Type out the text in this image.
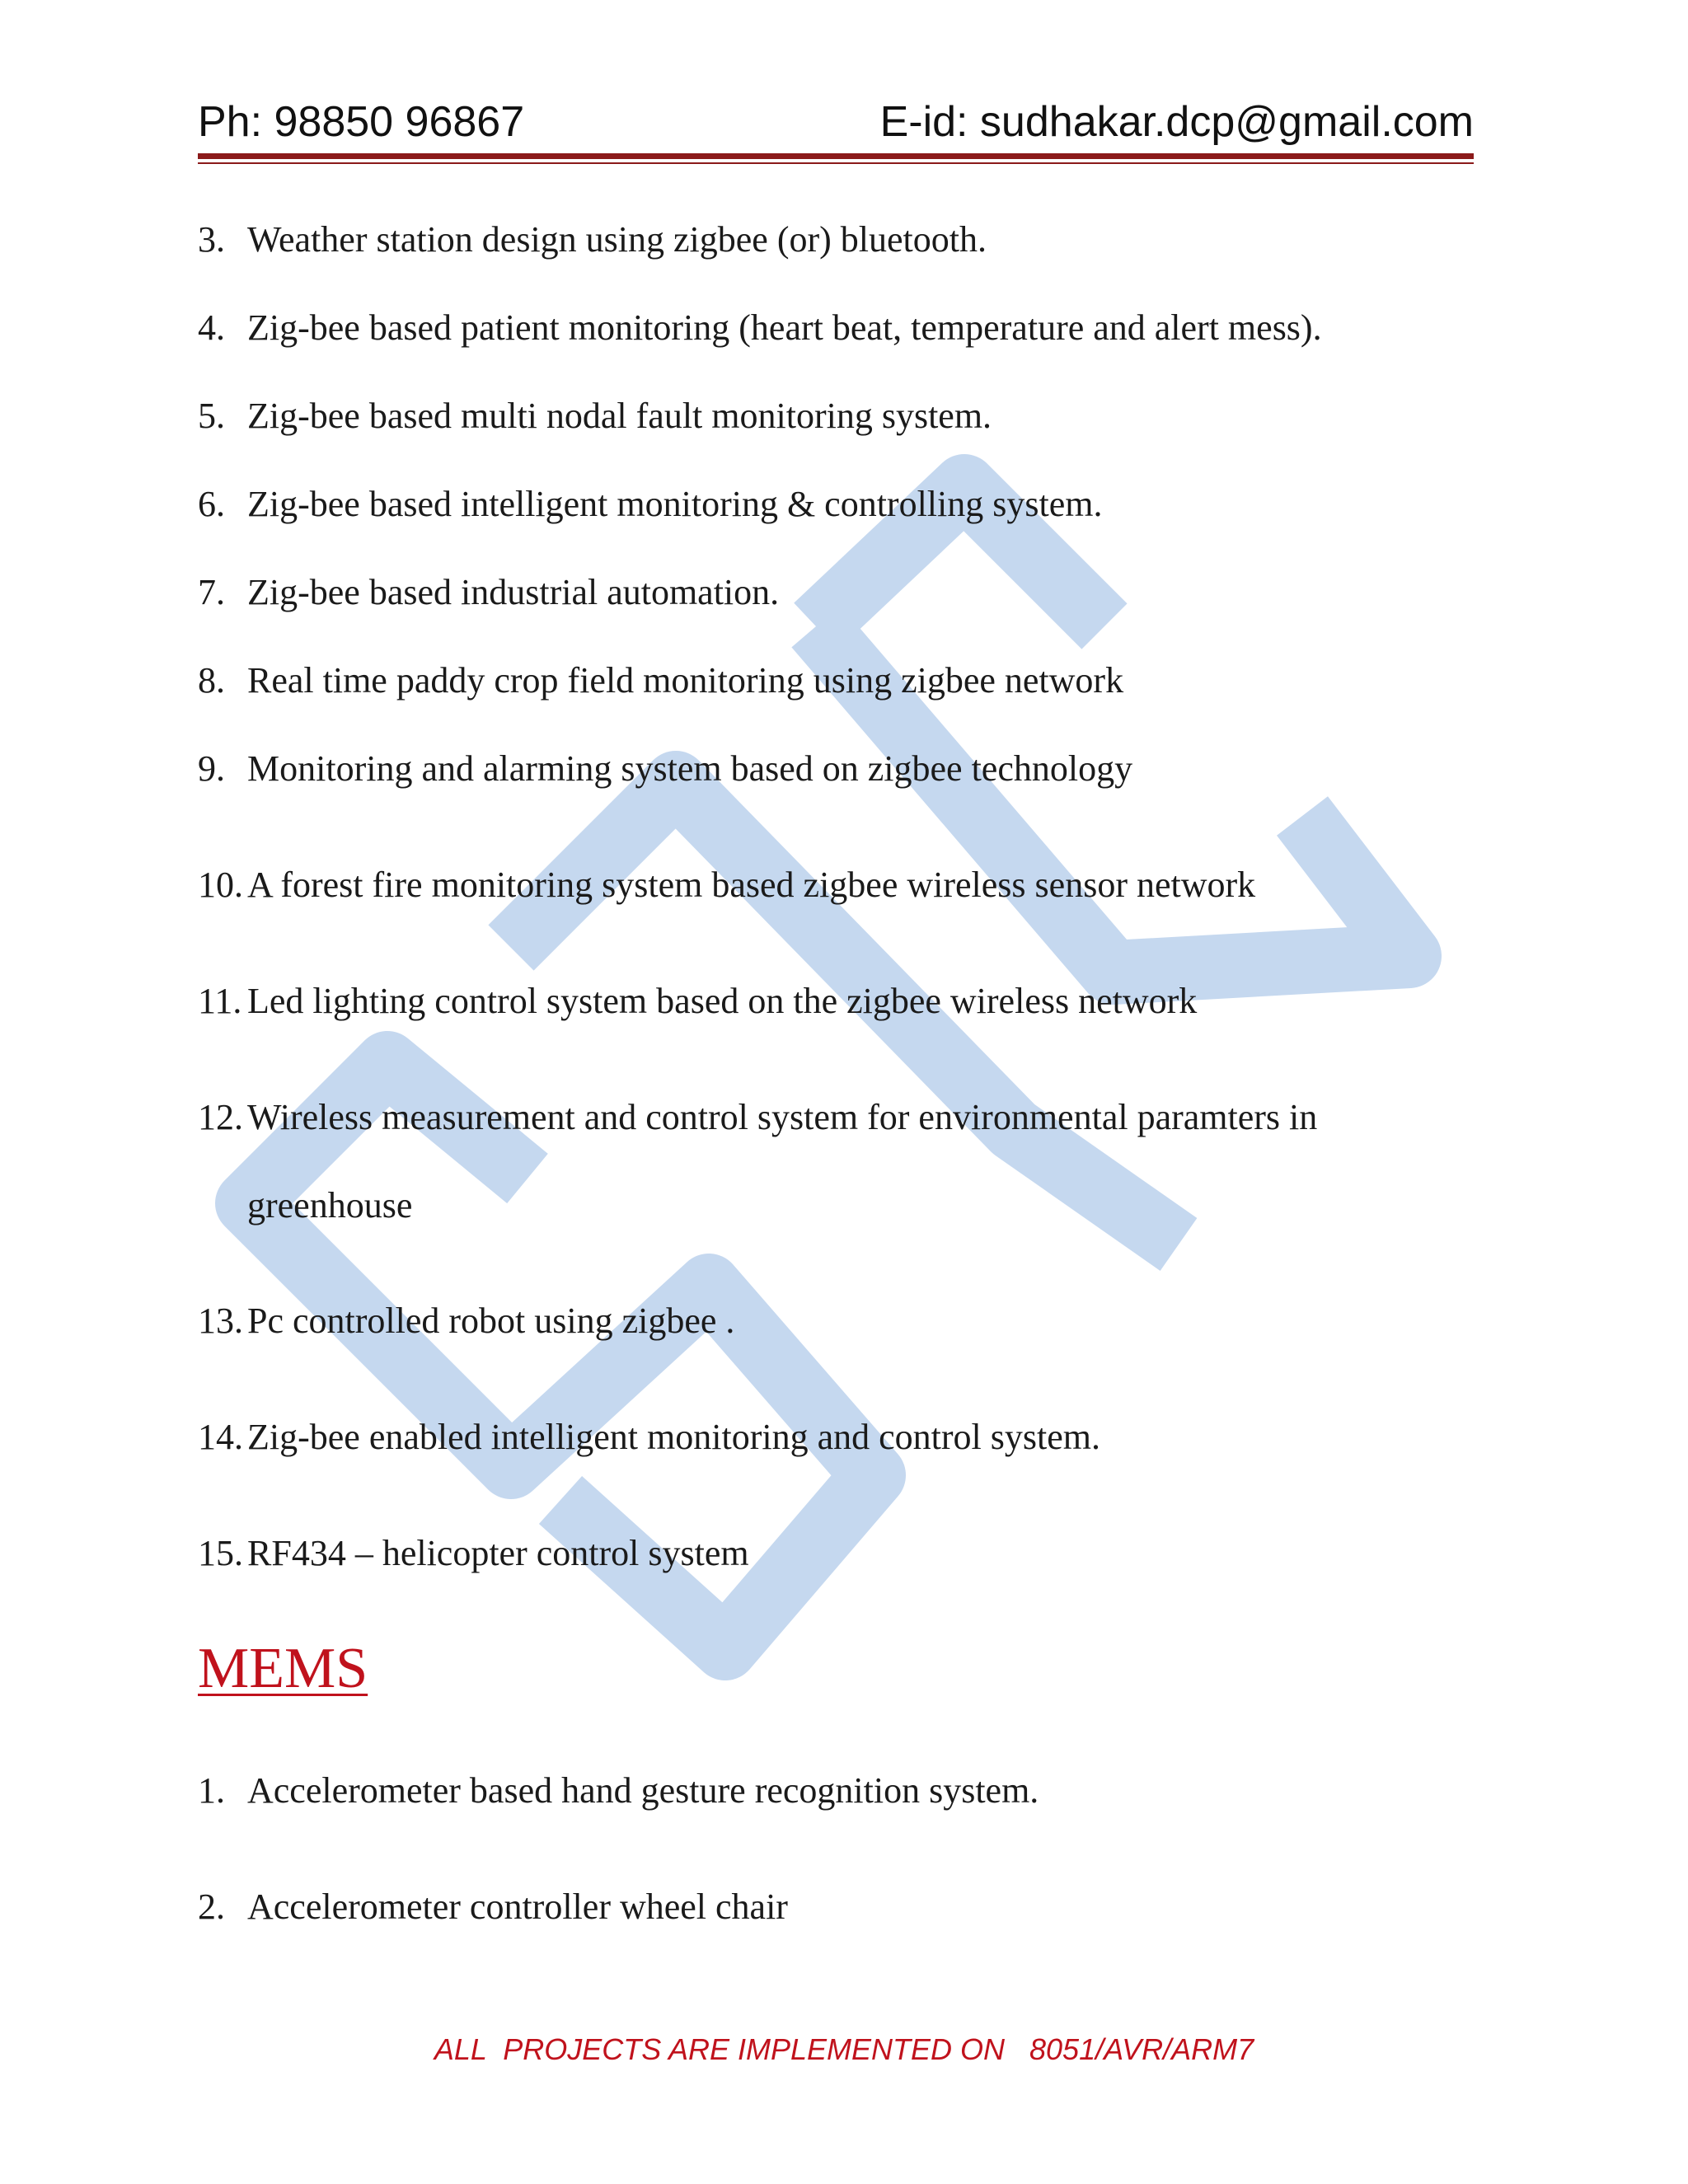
Ph: 98850 96867	E-id: sudhakar.dcp@gmail.com
3. Weather station design using zigbee (or) bluetooth.
4. Zig-bee based patient monitoring (heart beat, temperature and alert mess).
5. Zig-bee based multi nodal fault monitoring system.
6. Zig-bee based intelligent monitoring & controlling system.
7. Zig-bee based industrial automation.
8. Real time paddy crop field monitoring using zigbee network
9. Monitoring and alarming system based on zigbee technology
10. A forest fire monitoring system based zigbee wireless sensor network
11. Led lighting control system based on the zigbee wireless network
12. Wireless measurement and control system for environmental paramters in
greenhouse
13. Pc controlled robot using zigbee .
14. Zig-bee enabled intelligent monitoring and control system.
15. RF434 – helicopter control system
MEMS
1. Accelerometer based hand gesture recognition system.
2. Accelerometer controller wheel chair
ALL  PROJECTS ARE IMPLEMENTED ON   8051/AVR/ARM7
